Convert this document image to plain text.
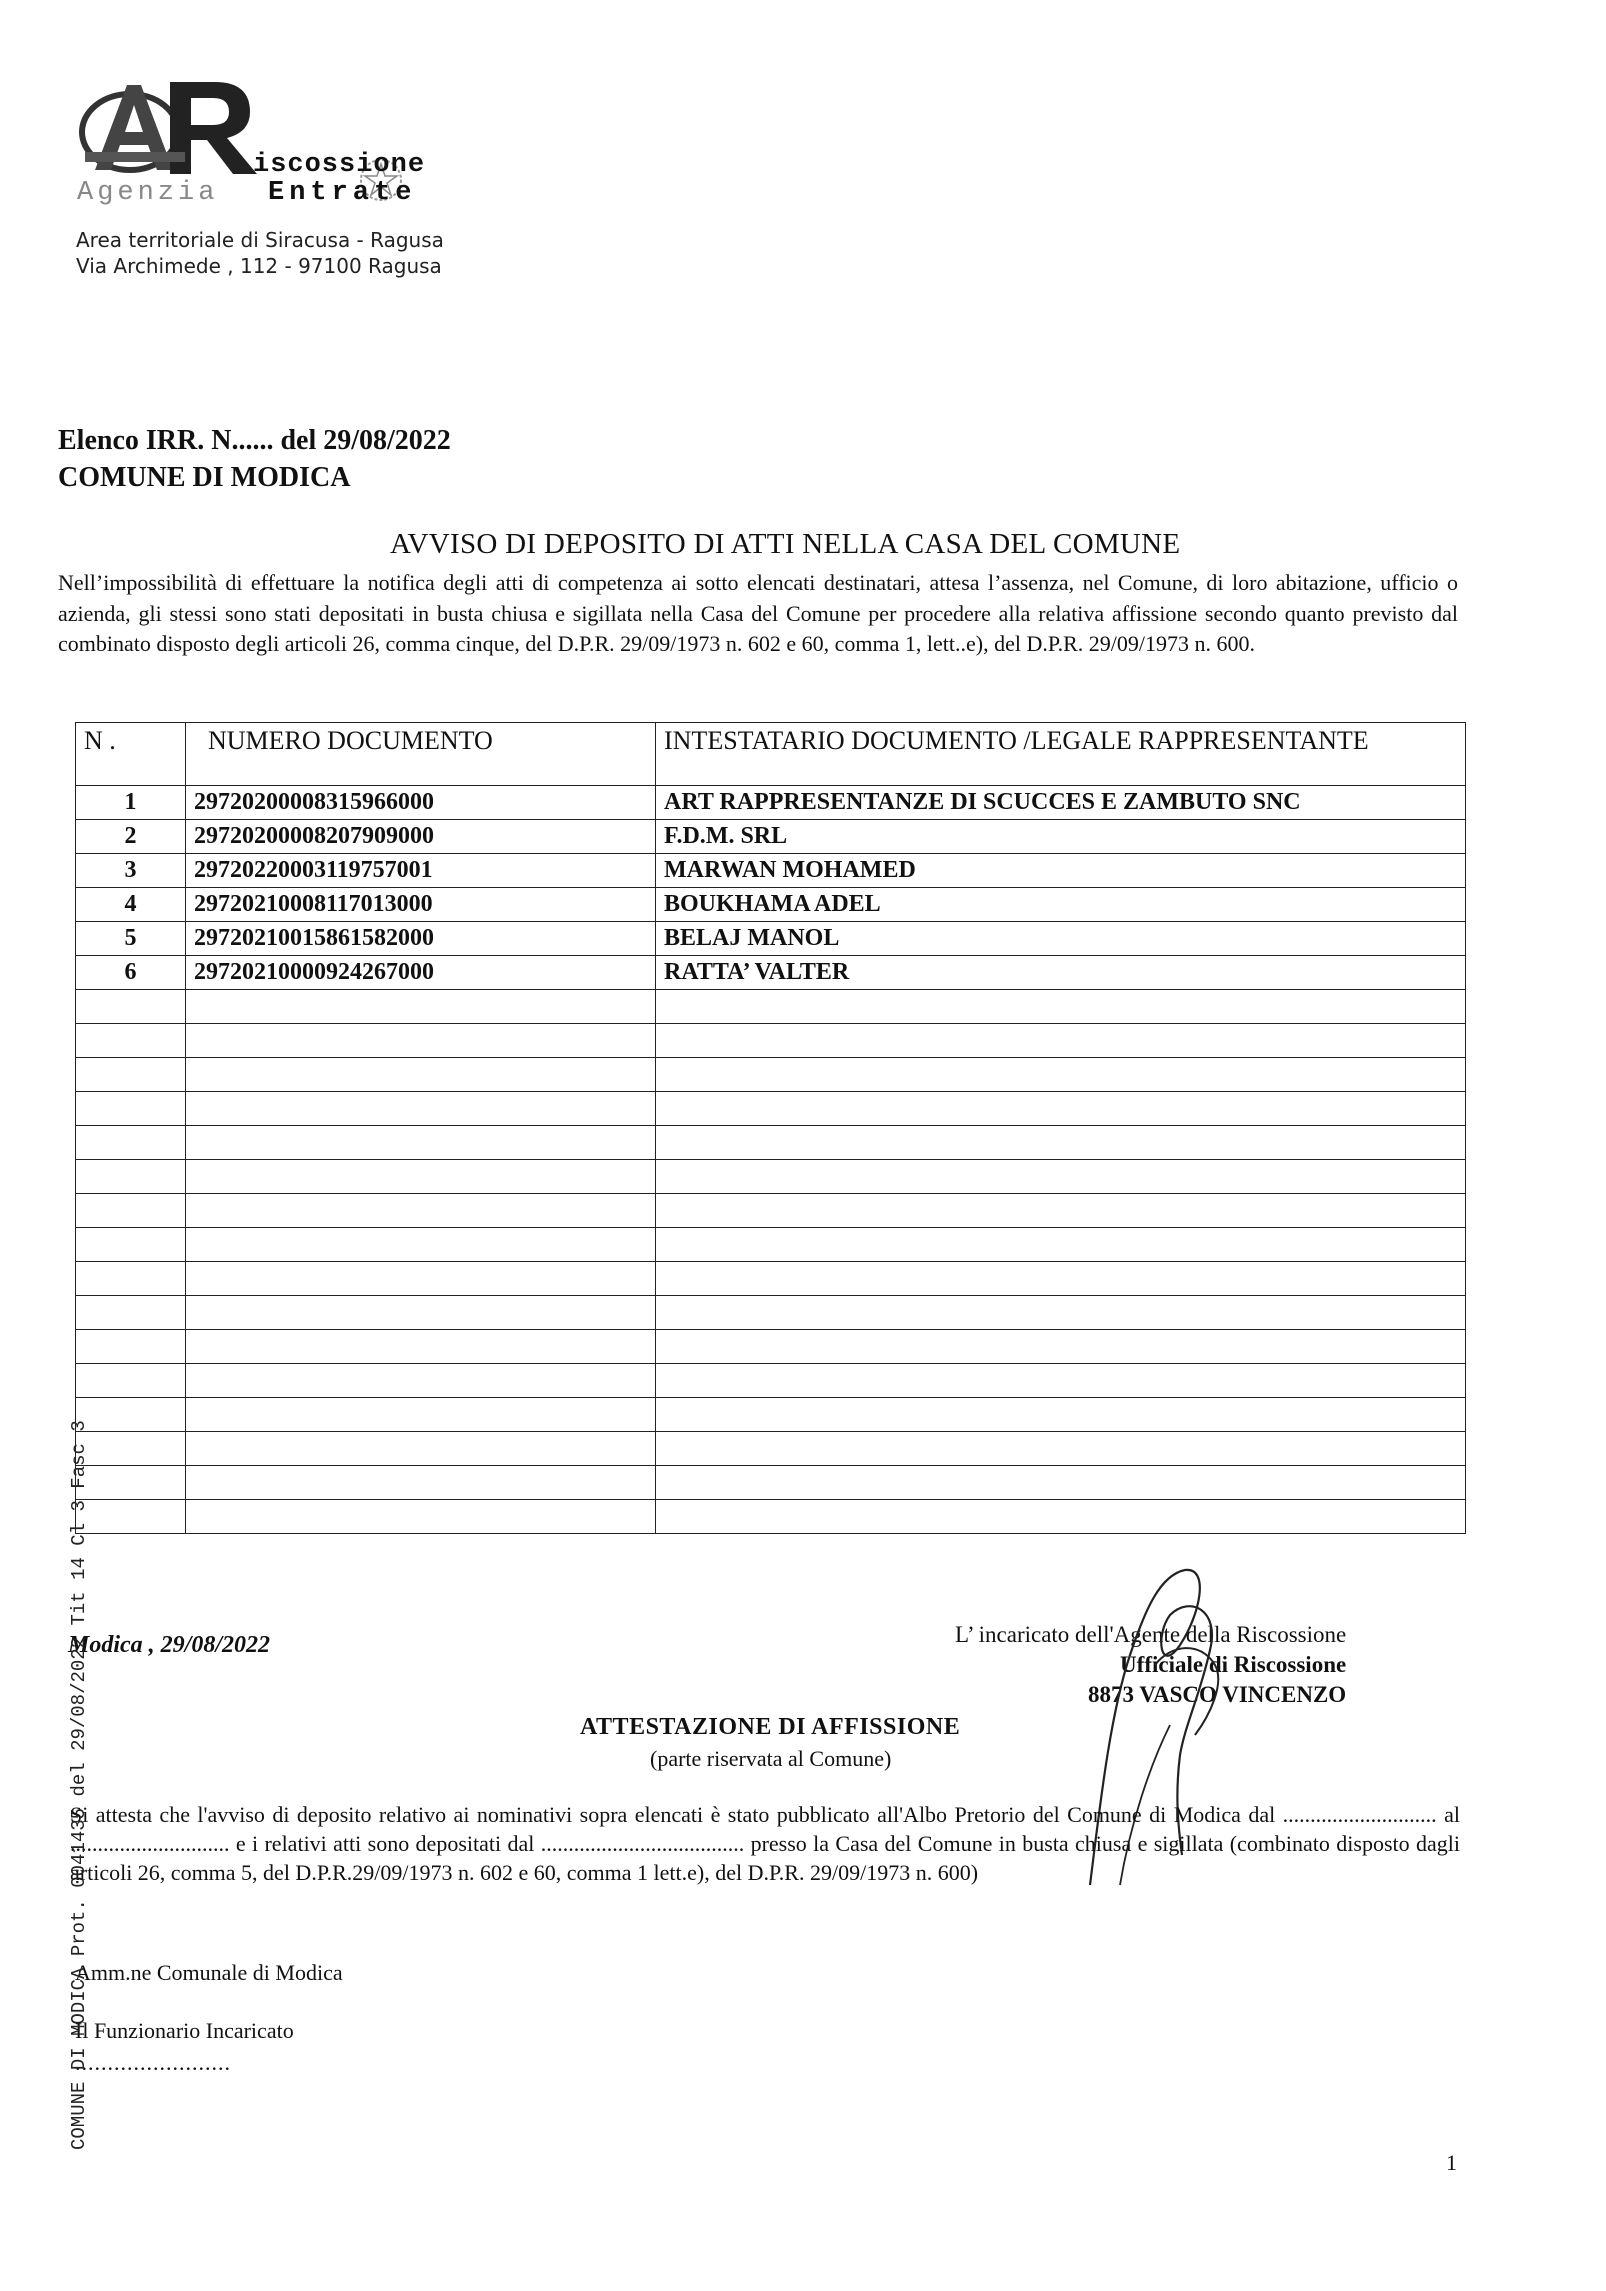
iscossione
Agenzia Entrate
Area territoriale di Siracusa - Ragusa
Via Archimede , 112 - 97100 Ragusa
Elenco IRR. N...... del 29/08/2022
COMUNE DI MODICA
AVVISO DI DEPOSITO DI ATTI NELLA CASA DEL COMUNE
Nell’impossibilità di effettuare la notifica degli atti di competenza ai sotto elencati destinatari, attesa l’assenza, nel Comune, di loro abitazione, ufficio o azienda, gli stessi sono stati depositati in busta chiusa e sigillata nella Casa del Comune per procedere alla relativa affissione secondo quanto previsto dal combinato disposto degli articoli 26, comma cinque, del D.P.R. 29/09/1973 n. 602 e 60, comma 1, lett..e), del D.P.R. 29/09/1973 n. 600.
N .	NUMERO DOCUMENTO	INTESTATARIO DOCUMENTO /LEGALE RAPPRESENTANTE
1	29720200008315966000	ART RAPPRESENTANZE DI SCUCCES E ZAMBUTO SNC
2	29720200008207909000	F.D.M. SRL
3	29720220003119757001	MARWAN MOHAMED
4	29720210008117013000	BOUKHAMA ADEL
5	29720210015861582000	BELAJ MANOL
6	29720210000924267000	RATTA’ VALTER

Modica , 29/08/2022	L’ incaricato dell'Agente della Riscossione
Ufficiale di Riscossione
8873 VASCO VINCENZO
ATTESTAZIONE DI AFFISSIONE
(parte riservata al Comune)
Si attesta che l'avviso di deposito relativo ai nominativi sopra elencati è stato pubblicato all'Albo Pretorio del Comune di Modica dal ............................ al ............................. e i relativi atti sono depositati dal ..................................... presso la Casa del Comune in busta chiusa e sigillata (combinato disposto dagli articoli 26, comma 5, del D.P.R.29/09/1973 n. 602 e 60, comma 1 lett.e), del D.P.R. 29/09/1973 n. 600)
Amm.ne Comunale di Modica
Il Funzionario Incaricato
........................
1
COMUNE DI MODICA Prot. 0041435 del 29/08/2022 Tit 14 Cl 3 Fasc 3
